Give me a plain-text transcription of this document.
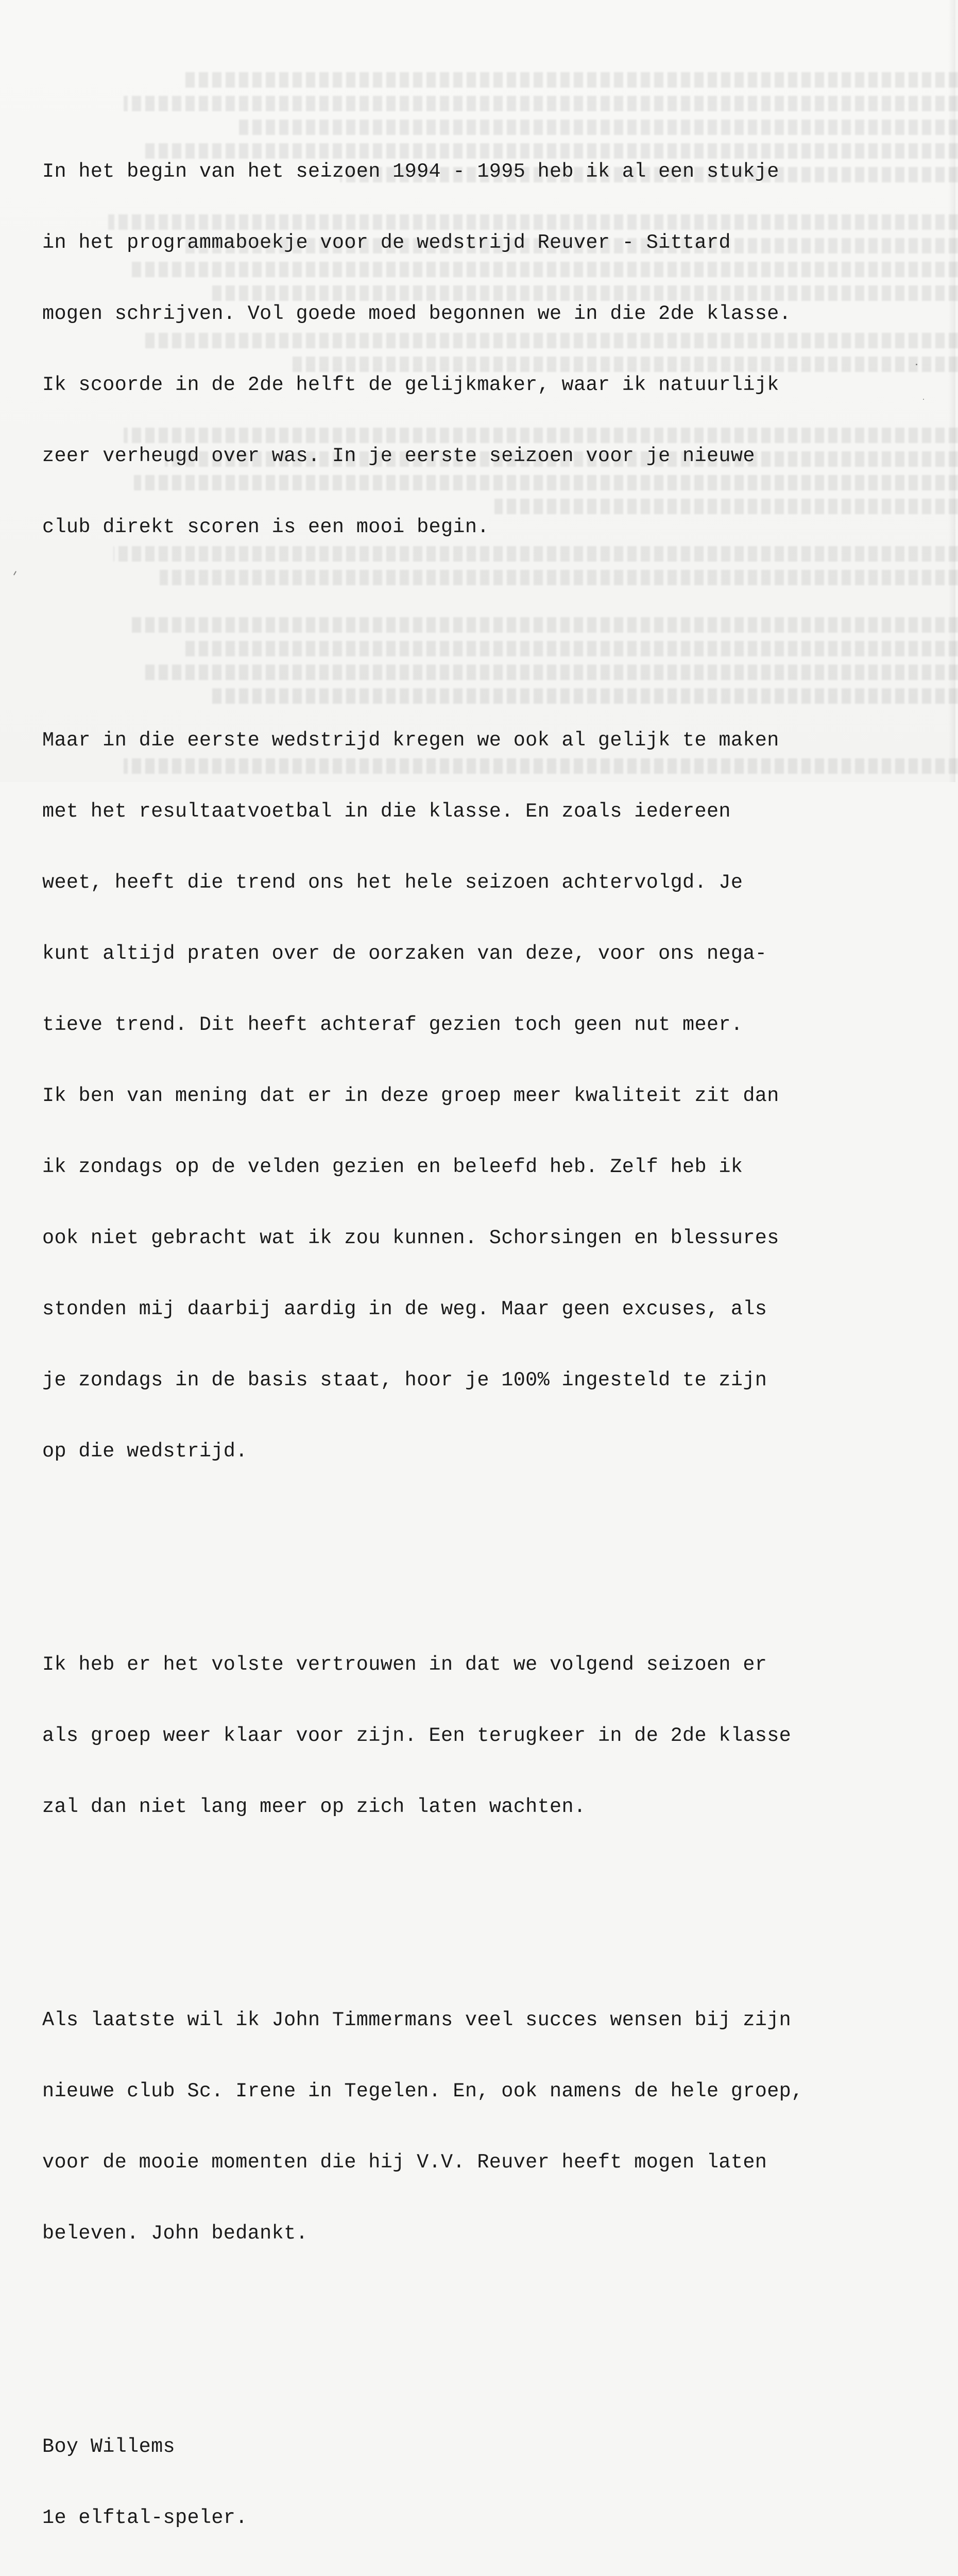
In het begin van het seizoen 1994 - 1995 heb ik al een stukje

in het programmaboekje voor de wedstrijd Reuver - Sittard

mogen schrijven. Vol goede moed begonnen we in die 2de klasse.

Ik scoorde in de 2de helft de gelijkmaker, waar ik natuurlijk

zeer verheugd over was. In je eerste seizoen voor je nieuwe

club direkt scoren is een mooi begin.

Maar in die eerste wedstrijd kregen we ook al gelijk te maken

met het resultaatvoetbal in die klasse. En zoals iedereen

weet, heeft die trend ons het hele seizoen achtervolgd. Je

kunt altijd praten over de oorzaken van deze, voor ons nega-

tieve trend. Dit heeft achteraf gezien toch geen nut meer.

Ik ben van mening dat er in deze groep meer kwaliteit zit dan

ik zondags op de velden gezien en beleefd heb. Zelf heb ik

ook niet gebracht wat ik zou kunnen. Schorsingen en blessures

stonden mij daarbij aardig in de weg. Maar geen excuses, als

je zondags in de basis staat, hoor je 100% ingesteld te zijn

op die wedstrijd.

Ik heb er het volste vertrouwen in dat we volgend seizoen er

als groep weer klaar voor zijn. Een terugkeer in de 2de klasse

zal dan niet lang meer op zich laten wachten.

Als laatste wil ik John Timmermans veel succes wensen bij zijn

nieuwe club Sc. Irene in Tegelen. En, ook namens de hele groep,

voor de mooie momenten die hij V.V. Reuver heeft mogen laten

beleven. John bedankt.

Boy Willems

1e elftal-speler.
